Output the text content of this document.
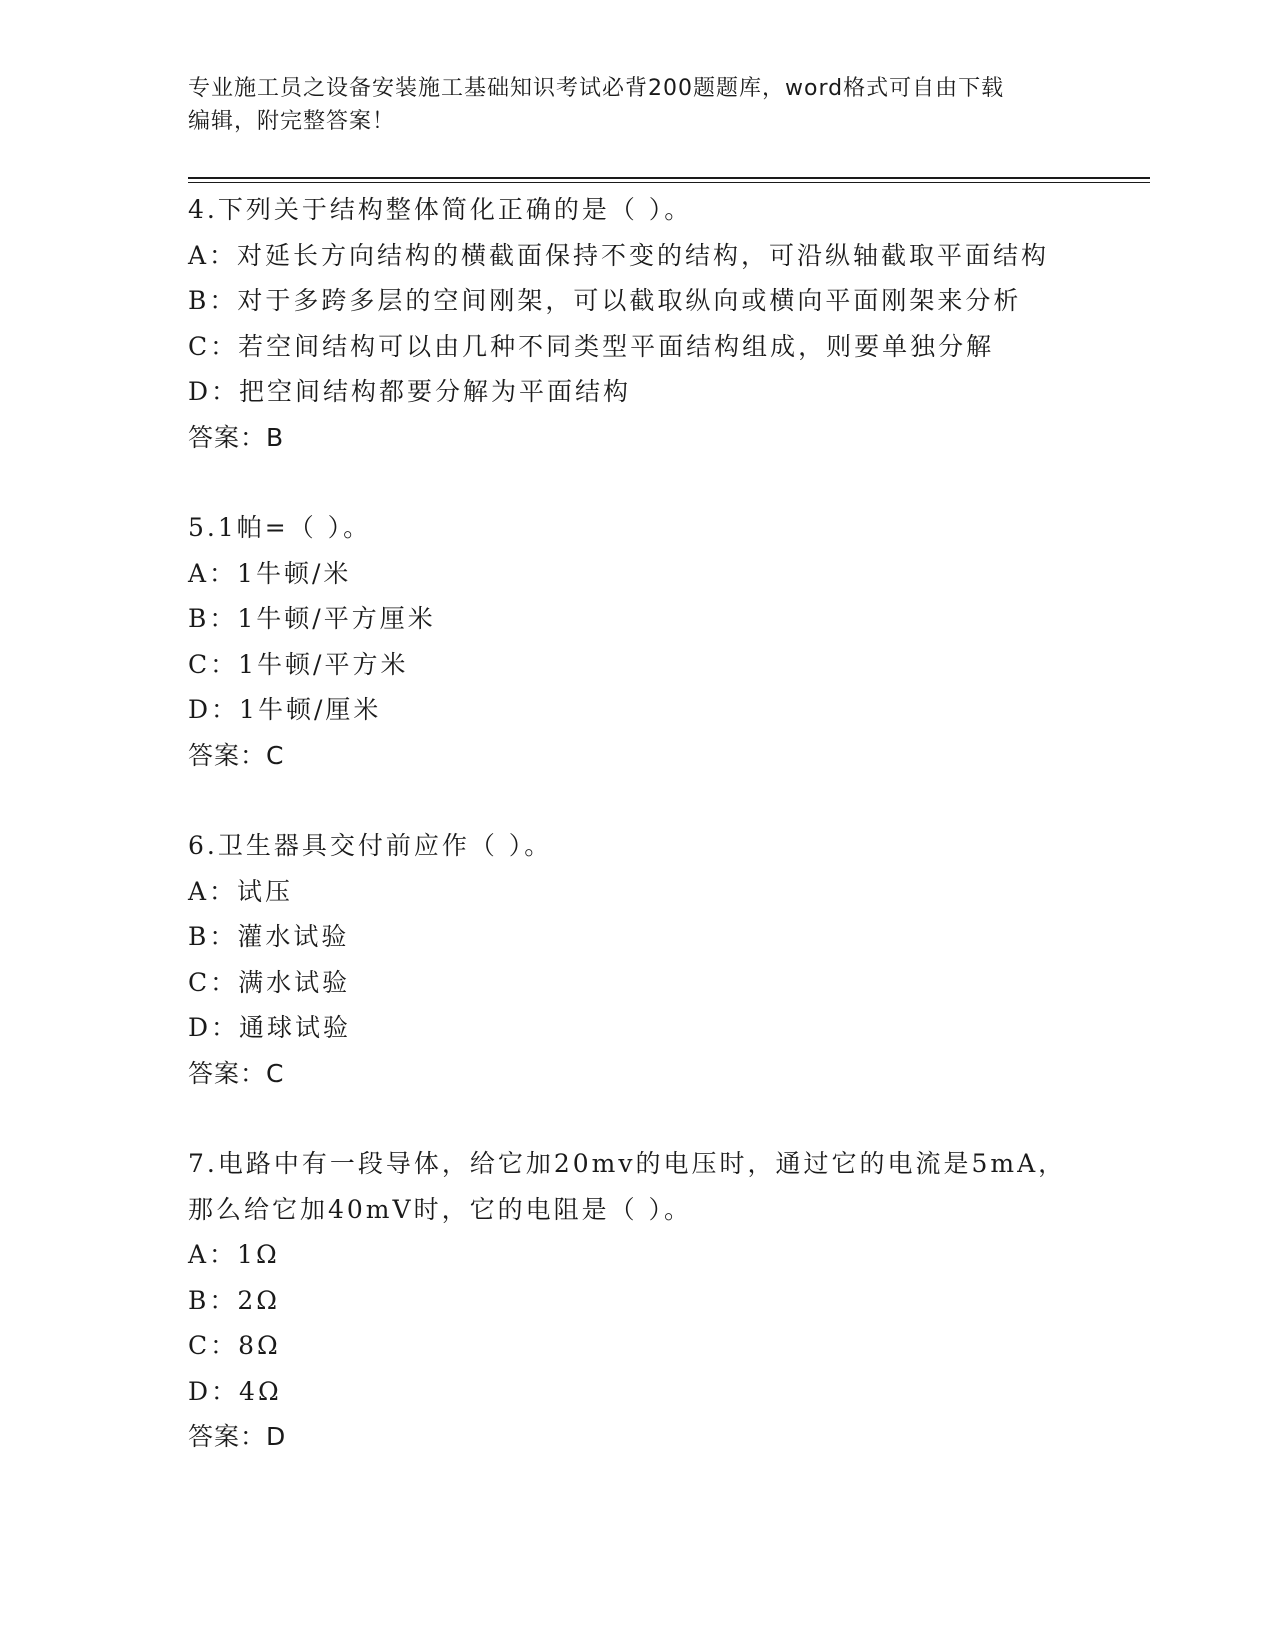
专业施工员之设备安装施工基础知识考试必背200题题库，word格式可自由下载
编辑，附完整答案！
4.下列关于结构整体简化正确的是（ ）。
A：对延长方向结构的横截面保持不变的结构，可沿纵轴截取平面结构
B：对于多跨多层的空间刚架，可以截取纵向或横向平面刚架来分析
C：若空间结构可以由几种不同类型平面结构组成，则要单独分解
D：把空间结构都要分解为平面结构
答案：B
5.1帕=（ ）。
A：1牛顿/米
B：1牛顿/平方厘米
C：1牛顿/平方米
D：1牛顿/厘米
答案：C
6.卫生器具交付前应作（ ）。
A：试压
B：灌水试验
C：满水试验
D：通球试验
答案：C
7.电路中有一段导体，给它加20mv的电压时，通过它的电流是5mA，
那么给它加40mV时，它的电阻是（ ）。
A：1Ω
B：2Ω
C：8Ω
D：4Ω
答案：D
